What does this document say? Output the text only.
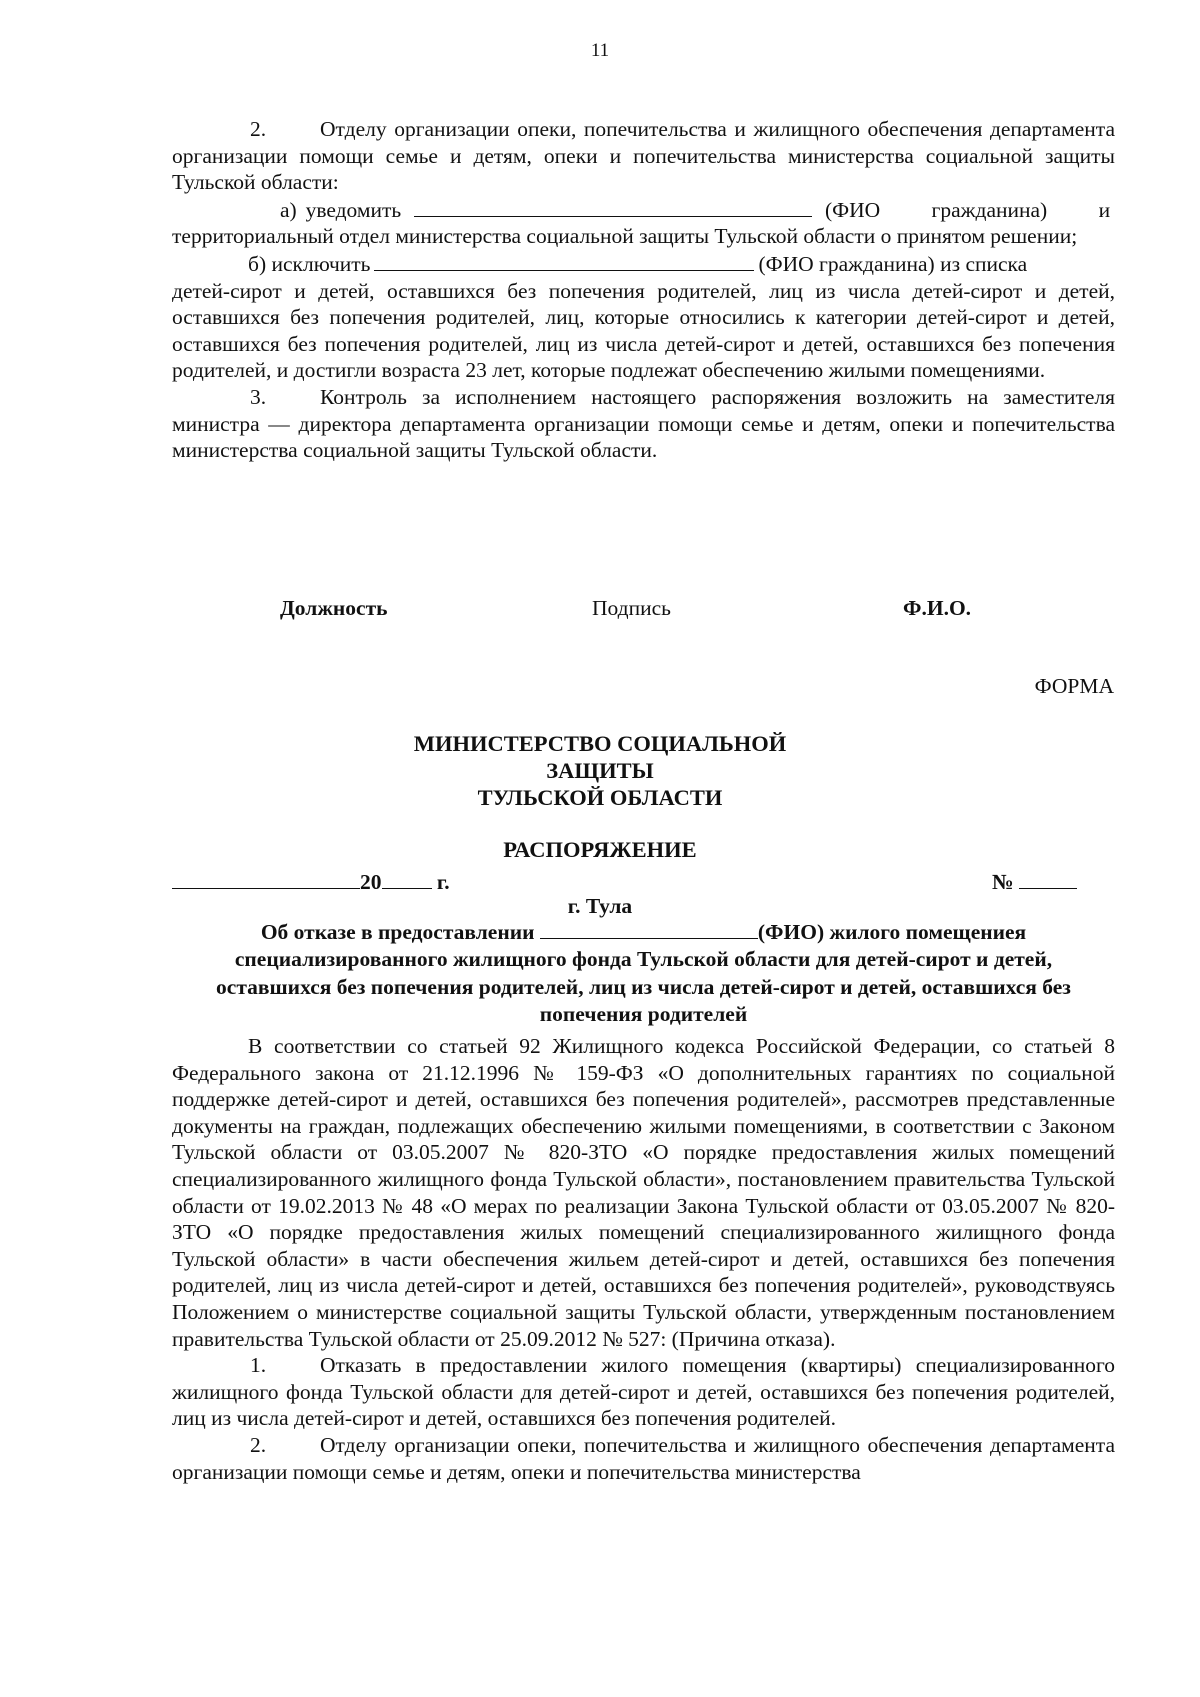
11

2.	Отделу организации опеки, попечительства и жилищного обеспечения департамента организации помощи семье и детям, опеки и попечительства министерства социальной защиты Тульской области:

а) уведомить	(ФИО гражданина) и

территориальный отдел министерства социальной защиты Тульской области о принятом решении;

б) исключить	(ФИО гражданина) из списка

детей-сирот и детей, оставшихся без попечения родителей, лиц из числа детей-сирот и детей, оставшихся без попечения родителей, лиц, которые относились к категории детей-сирот и детей, оставшихся без попечения родителей, лиц из числа детей-сирот и детей, оставшихся без попечения родителей, и достигли возраста 23 лет, которые подлежат обеспечению жилыми помещениями.

3.	Контроль за исполнением настоящего распоряжения возложить на заместителя министра — директора департамента организации помощи семье и детям, опеки и попечительства министерства социальной защиты Тульской области.

Должность	Подпись	Ф.И.О.
ФОРМА
МИНИСТЕРСТВО СОЦИАЛЬНОЙ
ЗАЩИТЫ
ТУЛЬСКОЙ ОБЛАСТИ
РАСПОРЯЖЕНИЕ
20	г.	№
г. Тула
Об отказе в предоставлении	(ФИО) жилого помещениея
специализированного жилищного фонда Тульской области для детей-сирот и детей, оставшихся без попечения родителей, лиц из числа детей-сирот и детей, оставшихся без попечения родителей

В соответствии со статьей 92 Жилищного кодекса Российской Федерации, со статьей 8 Федерального закона от 21.12.1996 № 159-ФЗ «О дополнительных гарантиях по социальной поддержке детей-сирот и детей, оставшихся без попечения родителей», рассмотрев представленные документы на граждан, подлежащих обеспечению жилыми помещениями, в соответствии с Законом Тульской области от 03.05.2007 № 820-ЗТО «О порядке предоставления жилых помещений специализированного жилищного фонда Тульской области», постановлением правительства Тульской области от 19.02.2013 № 48 «О мерах по реализации Закона Тульской области от 03.05.2007 № 820-ЗТО «О порядке предоставления жилых помещений специализированного жилищного фонда Тульской области» в части обеспечения жильем детей-сирот и детей, оставшихся без попечения родителей, лиц из числа детей-сирот и детей, оставшихся без попечения родителей», руководствуясь Положением о министерстве социальной защиты Тульской области, утвержденным постановлением правительства Тульской области от 25.09.2012 № 527: (Причина отказа).

1.	Отказать в предоставлении жилого помещения (квартиры) специализированного жилищного фонда Тульской области для детей-сирот и детей, оставшихся без попечения родителей, лиц из числа детей-сирот и детей, оставшихся без попечения родителей.

2.	Отделу организации опеки, попечительства и жилищного обеспечения департамента организации помощи семье и детям, опеки и попечительства министерства
